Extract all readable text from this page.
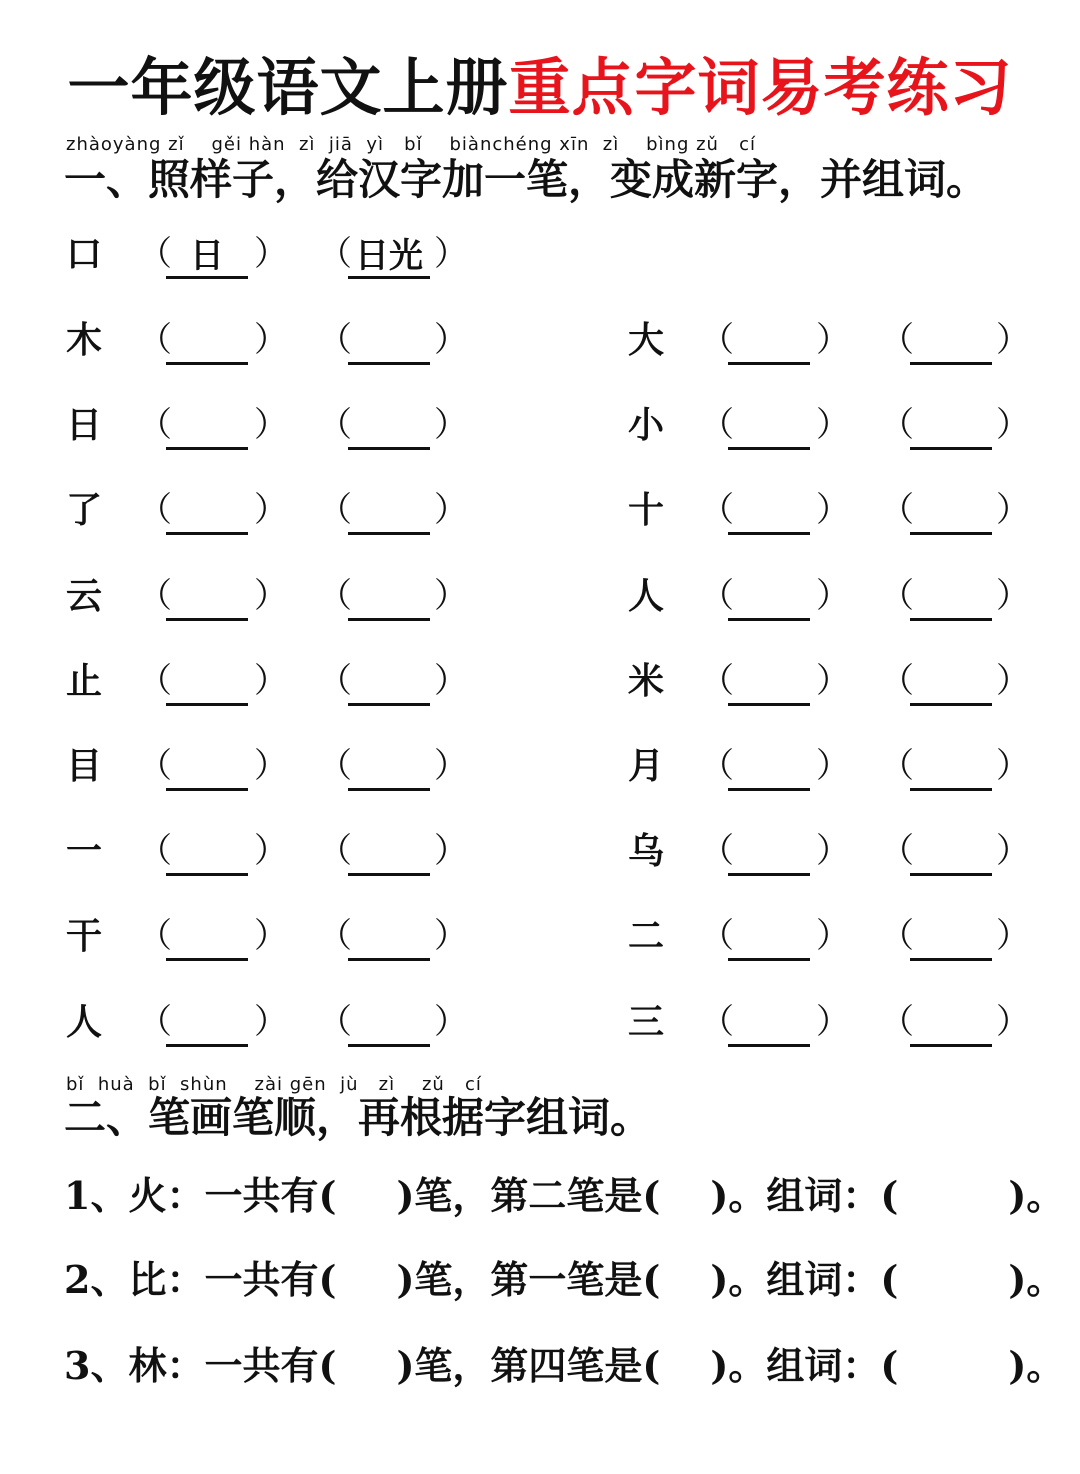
一年级语文上册重点字词易考练习
zhàoyàng zǐ    gěi hàn  zì  jiā  yì   bǐ    biànchéng xīn  zì    bìng zǔ   cí
一、照样子，给汉字加一笔，变成新字，并组词。
口 （ 日 ） （ 日光 ）
木 （ ） （ ）
日 （ ） （ ）
了 （ ） （ ）
云 （ ） （ ）
止 （ ） （ ）
目 （ ） （ ）
一 （ ） （ ）
干 （ ） （ ）
人 （ ） （ ）
大 （ ） （ ）
小 （ ） （ ）
十 （ ） （ ）
人 （ ） （ ）
米 （ ） （ ）
月 （ ） （ ）
乌 （ ） （ ）
二 （ ） （ ）
三 （ ） （ ）
bǐ  huà  bǐ  shùn    zài gēn  jù   zì    zǔ   cí
二、笔画笔顺，再根据字组词。
1、火：一共有( )笔，第二笔是( )。组词：(	)。
2、比：一共有( )笔，第一笔是( )。组词：(	)。
3、林：一共有( )笔，第四笔是( )。组词：(	)。
